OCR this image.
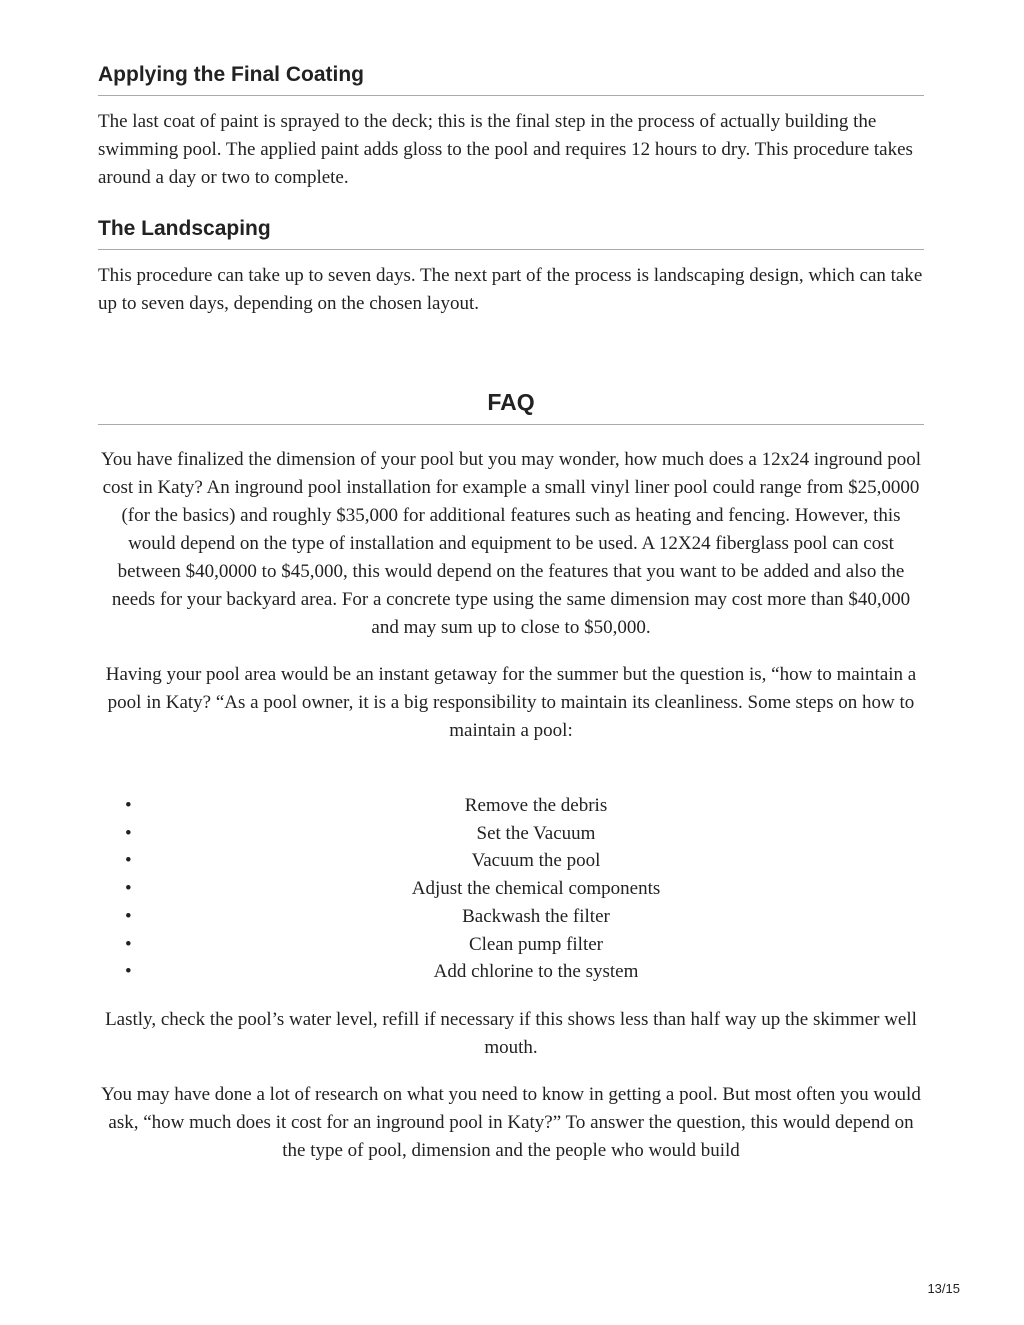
Applying the Final Coating

The last coat of paint is sprayed to the deck; this is the final step in the process of actually building the swimming pool. The applied paint adds gloss to the pool and requires 12 hours to dry. This procedure takes around a day or two to complete.

The Landscaping

This procedure can take up to seven days. The next part of the process is landscaping design, which can take up to seven days, depending on the chosen layout.

FAQ

You have finalized the dimension of your pool but you may wonder, how much does a 12x24 inground pool cost in Katy? An inground pool installation for example a small vinyl liner pool could range from $25,0000 (for the basics) and roughly $35,000 for additional features such as heating and fencing. However, this would depend on the type of installation and equipment to be used. A 12X24 fiberglass pool can cost between $40,0000 to $45,000, this would depend on the features that you want to be added and also the needs for your backyard area. For a concrete type using the same dimension may cost more than $40,000 and may sum up to close to $50,000.

Having your pool area would be an instant getaway for the summer but the question is, “how to maintain a pool in Katy? “As a pool owner, it is a big responsibility to maintain its cleanliness. Some steps on how to maintain a pool:

•	Remove the debris
•	Set the Vacuum
•	Vacuum the pool
•	Adjust the chemical components
•	Backwash the filter
•	Clean pump filter
•	Add chlorine to the system

Lastly, check the pool’s water level, refill if necessary if this shows less than half way up the skimmer well mouth.

You may have done a lot of research on what you need to know in getting a pool. But most often you would ask, “how much does it cost for an inground pool in Katy?” To answer the question, this would depend on the type of pool, dimension and the people who would build

13/15
